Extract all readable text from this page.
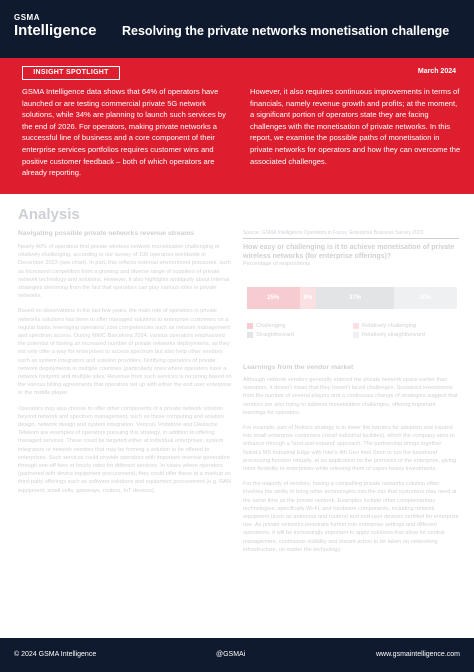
GSMA
Intelligence Resolving the private networks monetisation challenge
INSIGHT SPOTLIGHT	March 2024
GSMA Intelligence data shows that 64% of operators have launched or are testing commercial private 5G network solutions, while 34% are planning to launch such services by the end of 2026. For operators, making private networks a successful line of business and a core component of their enterprise services portfolios requires customer wins and positive customer feedback – both of which operators are already reporting.
However, it also requires continuous improvements in terms of financials, namely revenue growth and profits; at the moment, a significant portion of operators state they are facing challenges with the monetisation of private networks. In this report, we examine the possible paths of monetisation in private networks for operators and how they can overcome the associated challenges.
Analysis
Navigating possible private networks revenue streams
Nearly 40% of operators find private wireless network monetisation challenging or relatively challenging, according to our survey of 100 operators worldwide in December 2023 (see chart). In part, this reflects external environment pressures, such as increased competition from a growing and diverse range of suppliers of private network technology and solutions. However, it also highlights ambiguity about internal strategies stemming from the fact that operators can play various roles in private networks.
Based on observations in the last few years, the main role of operators in private networks solutions has been to offer managed solutions to enterprise customers on a regular basis, leveraging operators' core competencies such as network management and spectrum access. During MWC Barcelona 2024, various operators emphasised the potential of having an increased number of private networks deployments, as they not only offer a way for enterprises to access spectrum but also help other vendors such as system integrators and solution providers. Notifying operators of private network deployments in multiple countries (particularly ones where operators have a network footprint and multiple sites. Revenue from such services is recurring based on the various billing agreements that operators set up with either the end user enterprise or the middle player.
Operators may also choose to offer other components of a private network solution beyond network and spectrum management, such as those computing and solution design, network design and system integration. Verizon, Vodafone and Deutsche Telekom are examples of operators pursuing this strategy, in addition to offering managed services. These could be targeted either at individual enterprises, system integrators or network vendors that may be forming a solution to be offered to enterprises. Such services could provide operators with important revenue generation through one-off fees or hourly rates for different services. In cases where operators (partnered with device equipment procurement), they could offer these at a markup on third-party offerings such as software solutions and equipment procurement (e.g. RAN equipment, small cells, gateways, routers, IoT devices).
Source: GSMA Intelligence Operators in Focus: Enterprise Business Survey 2023
How easy or challenging is it to achieve monetisation of private wireless networks (for enterprise offerings)?
Percentage of respondents
25%	8%	37%	30%
Challenging	Relatively challenging
Straightforward	Relatively straightforward
Learnings from the vendor market
Although network vendors generally entered the private network space earlier than operators, it doesn't mean that they haven't faced challenges. Sustained investments from the number of several players and a continuous change of strategies suggest that vendors are also trying to address monetisation challenges, offering important learnings for operators.
For example, part of Nokia's strategy is to lower the barriers for adoption and expand into small enterprise customers (small industrial facilities), which the company aims to enhance through a 'land-and-expand' approach. The partnership brings together Nokia's MX Industrial Edge with Intel's 4th Gen Intel Xeon to run the baseband processing function virtually, at an application on the premises of the enterprise, giving more flexibility to enterprises while relieving them of capex-heavy investments.
For the majority of vendors, having a compelling private networks solution often involves the ability to bring other technologies into the mix that customers may need at the same time as the private network. Examples include other complementary technologies, specifically Wi-Fi, and hardware components, including network equipment (such as antennas and routers) and end-user devices certified for enterprise use. As private networks penetrate further into enterprise settings and different operations, it will be increasingly important to apply solutions that allow for central management, continuous visibility and instant action to be taken on networking infrastructure, no matter the technology.
© 2024 GSMA Intelligence	@GSMAi	www.gsmaintelligence.com
